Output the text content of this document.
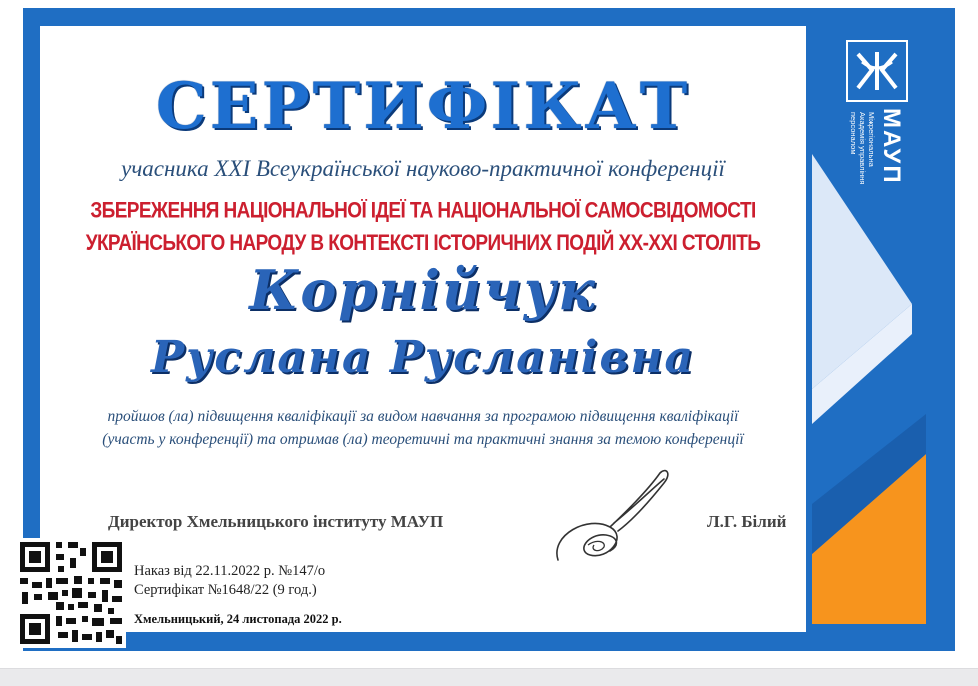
МАУП
Міжрегіональна
Академія управління
персоналом
СЕРТИФІКАТ
учасника XXI Всеукраїнської науково-практичної конференції
ЗБЕРЕЖЕННЯ НАЦІОНАЛЬНОЇ ІДЕЇ ТА НАЦІОНАЛЬНОЇ САМОСВІДОМОСТІ
УКРАЇНСЬКОГО НАРОДУ В КОНТЕКСТІ ІСТОРИЧНИХ ПОДІЙ XX-XXI СТОЛІТЬ
Корнійчук
Руслана Русланівна
пройшов (ла) підвищення кваліфікації за видом навчання за програмою підвищення кваліфікації
(участь у конференції) та отримав (ла) теоретичні та практичні знання за темою конференції
Директор Хмельницького інституту МАУП	Л.Г. Білий
Наказ від 22.11.2022 р. №147/о
Сертифікат №1648/22 (9 год.)
Хмельницький, 24 листопада 2022 р.
